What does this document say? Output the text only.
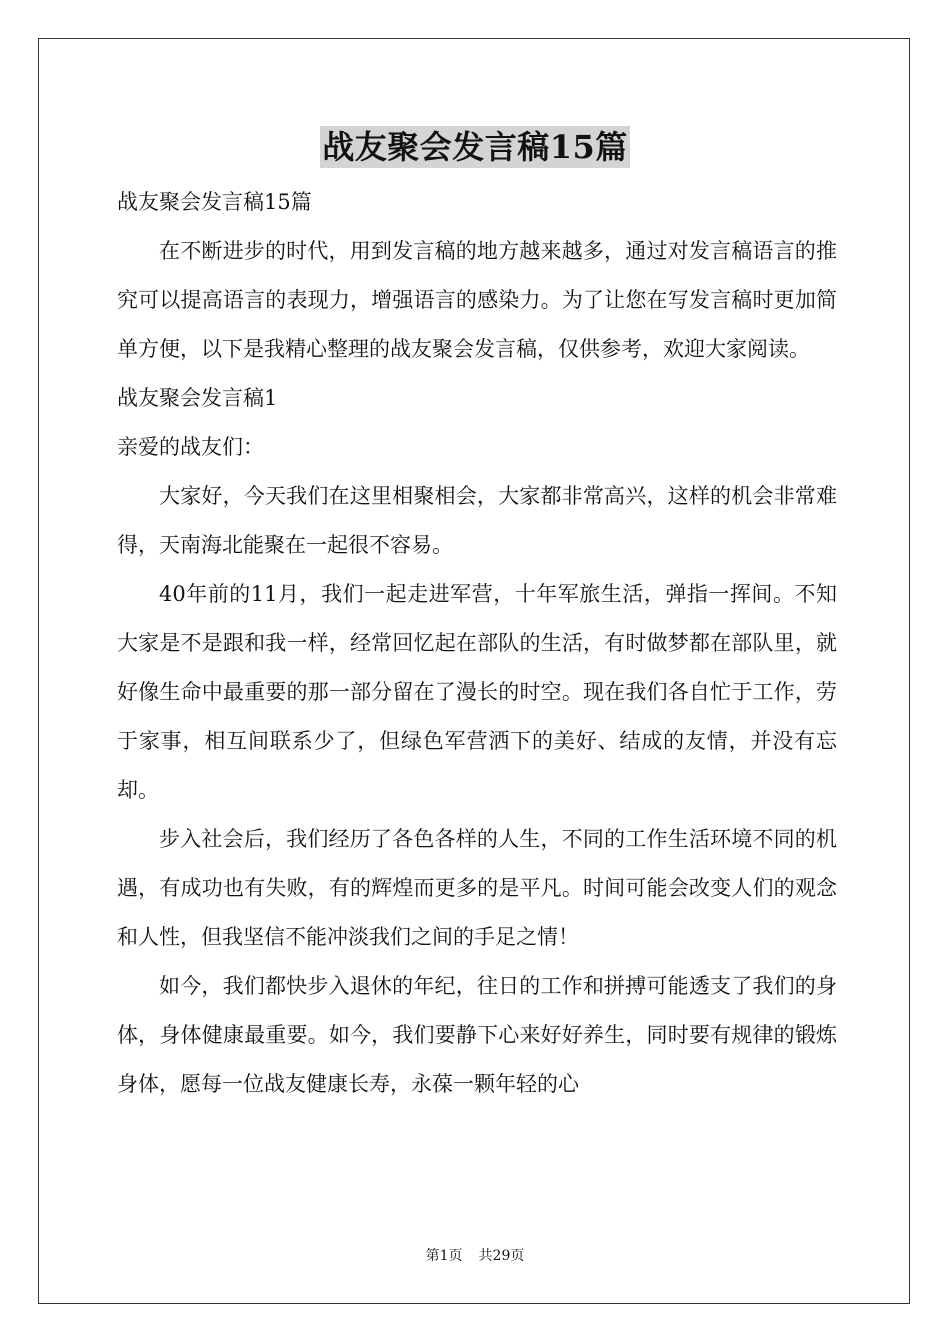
战友聚会发言稿15篇

战友聚会发言稿15篇

在不断进步的时代，用到发言稿的地方越来越多，通过对发言稿语言的推究可以提高语言的表现力，增强语言的感染力。为了让您在写发言稿时更加简单方便，以下是我精心整理的战友聚会发言稿，仅供参考，欢迎大家阅读。

战友聚会发言稿1

亲爱的战友们：

大家好，今天我们在这里相聚相会，大家都非常高兴，这样的机会非常难得，天南海北能聚在一起很不容易。

40年前的11月，我们一起走进军营，十年军旅生活，弹指一挥间。不知大家是不是跟和我一样，经常回忆起在部队的生活，有时做梦都在部队里，就好像生命中最重要的那一部分留在了漫长的时空。现在我们各自忙于工作，劳于家事，相互间联系少了，但绿色军营洒下的美好、结成的友情，并没有忘却。

步入社会后，我们经历了各色各样的人生，不同的工作生活环境不同的机遇，有成功也有失败，有的辉煌而更多的是平凡。时间可能会改变人们的观念和人性，但我坚信不能冲淡我们之间的手足之情！

如今，我们都快步入退休的年纪，往日的工作和拼搏可能透支了我们的身体，身体健康最重要。如今，我们要静下心来好好养生，同时要有规律的锻炼身体，愿每一位战友健康长寿，永葆一颗年轻的心

第1页 共29页
